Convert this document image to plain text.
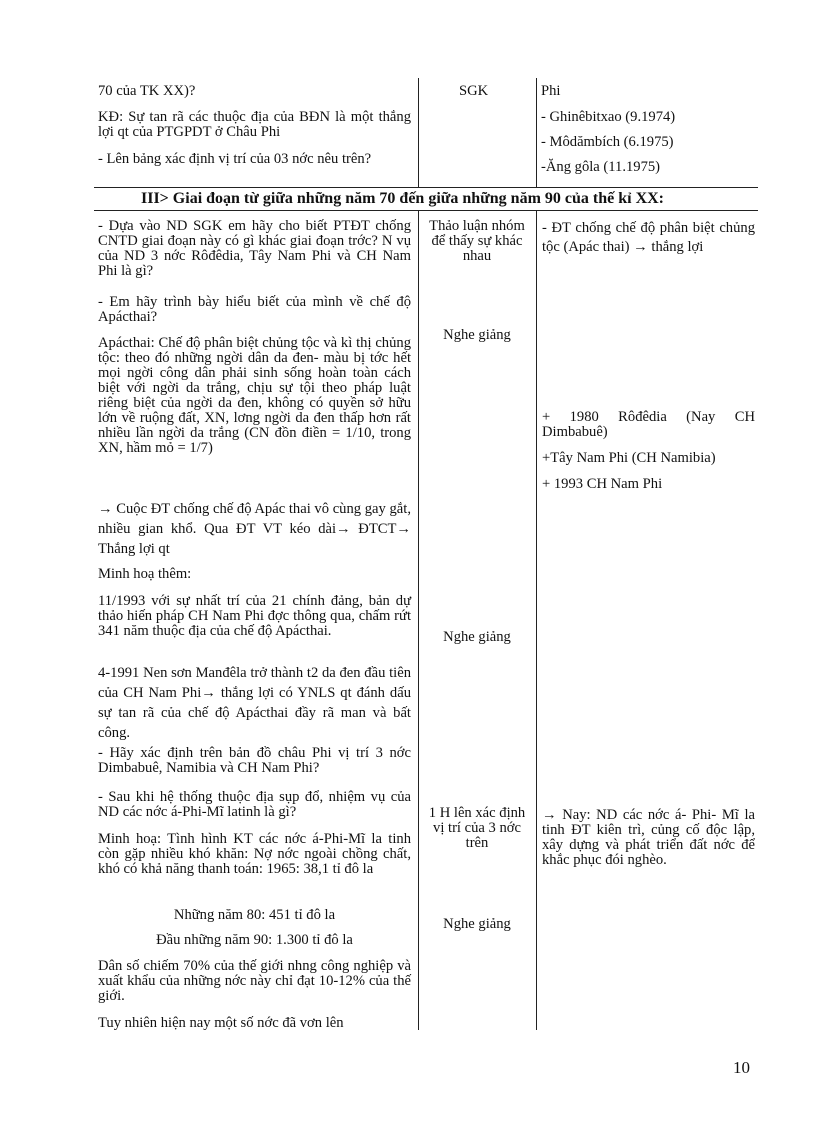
70 của TK XX)?
KĐ: Sự tan rã các thuộc địa của BĐN là một thắng lợi qt của PTGPDT ở Châu Phi
- Lên bảng xác định vị trí của 03 nớc nêu trên?
SGK	Phi
- Ghinêbitxao (9.1974)
- Môdămbích (6.1975)
-Ăng gôla (11.1975)
III> Giai đoạn từ giữa những năm 70 đến giữa những năm 90 của thế kỉ XX:
- Dựa vào ND SGK em hãy cho biết PTĐT chống CNTD giai đoạn này có gì khác giai đoạn trớc? N vụ của ND 3 nớc Rôđêdia, Tây Nam Phi và CH Nam Phi là gì?
- Em hãy trình bày hiểu biết của mình về chế độ Apácthai?
Apácthai: Chế độ phân biệt chủng tộc và kì thị chủng tộc: theo đó những ngời dân da đen- màu bị tớc hết mọi ngời công dân phải sinh sống hoàn toàn cách biệt với ngời da trắng, chịu sự tội theo pháp luật riêng biệt của ngời da đen, không có quyền sở hữu lớn về ruộng đất, XN, lơng ngời da đen thấp hơn rất nhiều lần ngời da trắng (CN đồn điền = 1/10, trong XN, hầm mỏ = 1/7)
→ Cuộc ĐT chống chế độ Apác thai vô cùng gay gắt, nhiều gian khổ. Qua ĐT VT kéo dài→ ĐTCT→ Thắng lợi qt
Minh hoạ thêm:
11/1993 với sự nhất trí của 21 chính đảng, bản dự thảo hiến pháp CH Nam Phi đợc thông qua, chấm rứt 341 năm thuộc địa của chế độ Apácthai.
4-1991 Nen sơn Manđêla trở thành t2 da đen đầu tiên của CH Nam Phi→ thắng lợi có YNLS qt đánh dấu sự tan rã của chế độ Apácthai đầy rã man và bất công.
- Hãy xác định trên bản đồ châu Phi vị trí 3 nớc Dimbabuê, Namibia và CH Nam Phi?
- Sau khi hệ thống thuộc địa sụp đổ, nhiệm vụ của ND các nớc á-Phi-Mĩ latinh là gì?
Minh hoạ: Tình hình KT các nớc á-Phi-Mĩ la tinh còn gặp nhiều khó khăn: Nợ nớc ngoài chồng chất, khó có khả năng thanh toán: 1965: 38,1 tỉ đô la
Những năm 80: 451 tỉ đô la
Đầu những năm 90: 1.300 tỉ đô la
Dân số chiếm 70% của thế giới nhng công nghiệp và xuất khẩu của những nớc này chỉ đạt 10-12% của thế giới.
Tuy nhiên hiện nay một số nớc đã vơn lên
Thảo luận nhóm để thấy sự khác nhau
Nghe giảng
Nghe giảng
1 H lên xác định vị trí của 3 nớc trên
Nghe giảng
- ĐT chống chế độ phân biệt chủng tộc (Apác thai) → thắng lợi
+ 1980 Rôđêdia (Nay CH Dimbabuê)
+Tây Nam Phi (CH Namibia)
+ 1993 CH Nam Phi
→ Nay: ND các nớc á- Phi- Mĩ la tinh ĐT kiên trì, củng cố độc lập, xây dựng và phát triển đất nớc để khắc phục đói nghèo.
10
